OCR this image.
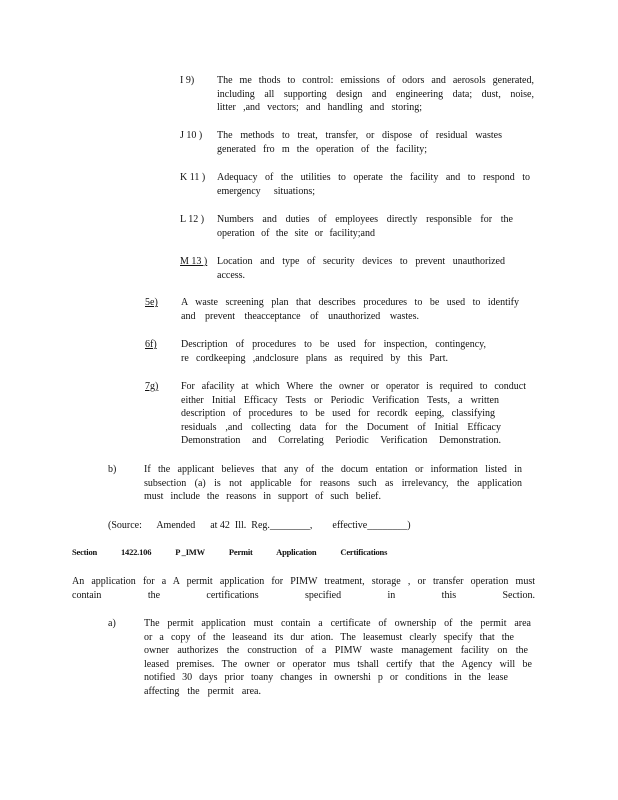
I 9) The me thods to control: emissions of odors and aerosols generated,
including all supporting design and engineering data; dust, noise,
litter ,and vectors; and handling and storing;
J 10 ) The methods to treat, transfer, or dispose of residual wastes
generated fro m the operation of the facility;
K 11 ) Adequacy of the utilities to operate the facility and to respond to
emergency situations;
L 12 ) Numbers and duties of employees directly responsible for the
operation of the site or facility;and
M 13 ) Location and type of security devices to prevent unauthorized
access.
5e) A waste screening plan that describes procedures to be used to identify
and prevent theacceptance of unauthorized wastes.
6f) Description of procedures to be used for inspection, contingency,
re cordkeeping ,andclosure plans as required by this Part.
7g) For afacility at which Where the owner or operator is required to conduct
either Initial Efficacy Tests or Periodic Verification Tests, a written
description of procedures to be used for recordk eeping, classifying
residuals ,and collecting data for the Document of Initial Efficacy
Demonstration and Correlating Periodic Verification Demonstration.
b)	If the applicant believes that any of the docum entation or information listed in
subsection (a) is not applicable for reasons such as irrelevancy, the application
must include the reasons in support of such belief.
(Source:      Amended      at 42  Ill.  Reg.________,        effective________)
Section	1422.106	P _IMW	Permit	Application	Certifications
An application for a A permit application for PIMW treatment, storage , or transfer operation must
contain the certifications specified in this Section.
a)	The permit application must contain a certificate of ownership of the permit area
or a copy of the leaseand its dur ation. The leasemust clearly specify that the
owner authorizes the construction of a PIMW waste management facility on the
leased premises. The owner or operator mus tshall certify that the Agency will be
notified 30 days prior toany changes in ownershi p or conditions in the lease
affecting the permit area.
